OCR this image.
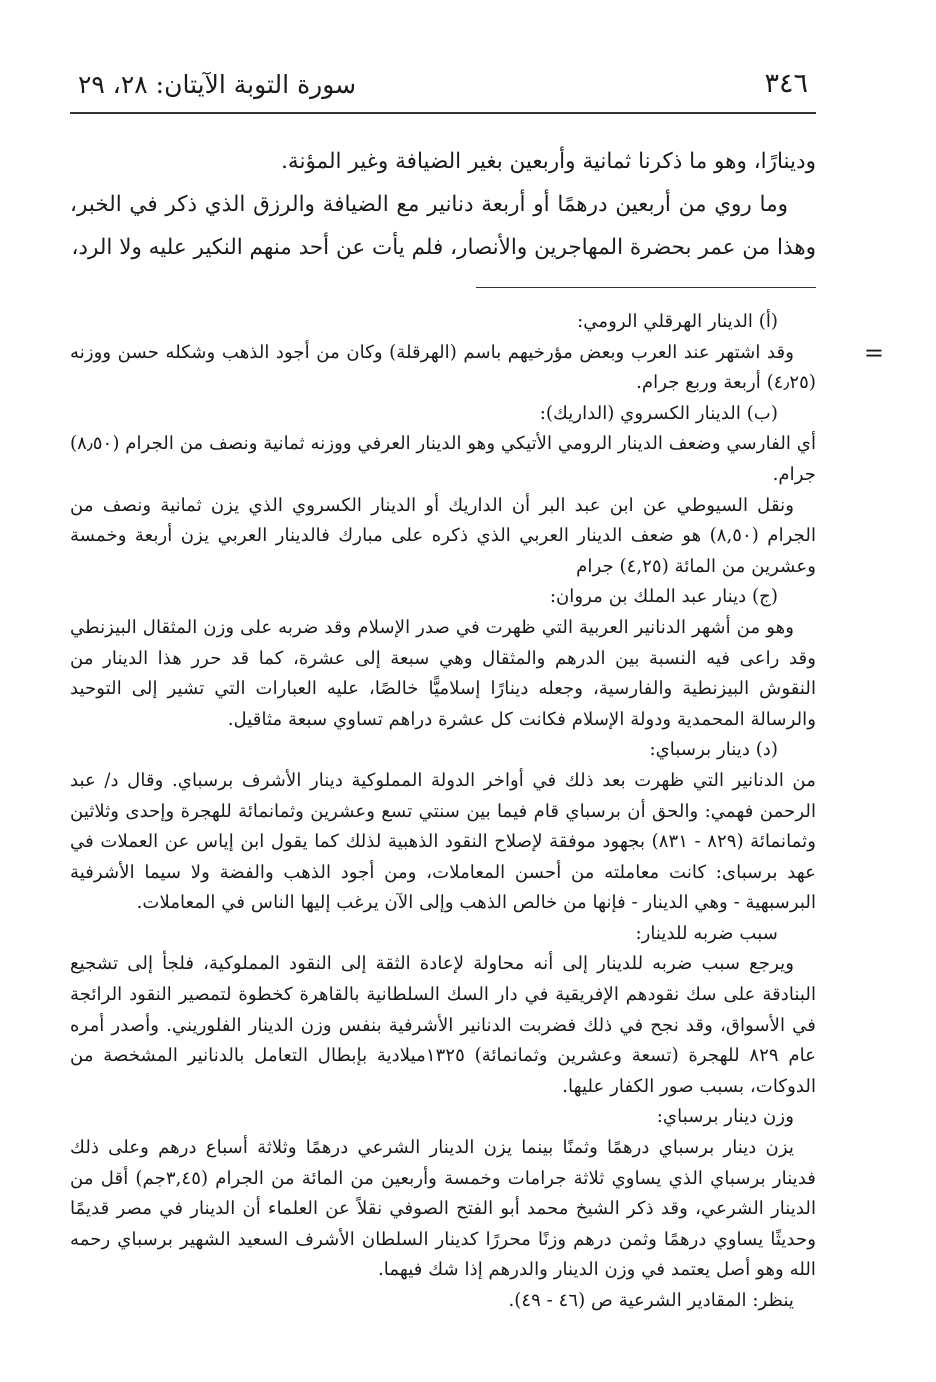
٣٤٦
سورة التوبة الآيتان: ٢٨، ٢٩

ودينارًا، وهو ما ذكرنا ثمانية وأربعين بغير الضيافة وغير المؤنة.

وما روي من أربعين درهمًا أو أربعة دنانير مع الضيافة والرزق الذي ذكر في الخبر، وهذا من عمر بحضرة المهاجرين والأنصار، فلم يأت عن أحد منهم النكير عليه ولا الرد،

=

(أ) الدينار الهرقلي الرومي:

وقد اشتهر عند العرب وبعض مؤرخيهم باسم (الهرقلة) وكان من أجود الذهب وشكله حسن ووزنه (٤٫٢٥) أربعة وربع جرام.

(ب) الدينار الكسروي (الداريك):

أي الفارسي وضعف الدينار الرومي الأتيكي وهو الدينار العرفي ووزنه ثمانية ونصف من الجرام (٨٫٥٠) جرام.

ونقل السيوطي عن ابن عبد البر أن الداريك أو الدينار الكسروي الذي يزن ثمانية ونصف من الجرام (٨,٥٠) هو ضعف الدينار العربي الذي ذكره على مبارك فالدينار العربي يزن أربعة وخمسة وعشرين من المائة (٤,٢٥) جرام

(ج) دينار عبد الملك بن مروان:

وهو من أشهر الدنانير العربية التي ظهرت في صدر الإسلام وقد ضربه على وزن المثقال البيزنطي وقد راعى فيه النسبة بين الدرهم والمثقال وهي سبعة إلى عشرة، كما قد حرر هذا الدينار من النقوش البيزنطية والفارسية، وجعله دينارًا إسلاميًّا خالصًا، عليه العبارات التي تشير إلى التوحيد والرسالة المحمدية ودولة الإسلام فكانت كل عشرة دراهم تساوي سبعة مثاقيل.

(د) دينار برسباي:

من الدنانير التي ظهرت بعد ذلك في أواخر الدولة المملوكية دينار الأشرف برسباي. وقال د/ عبد الرحمن فهمي: والحق أن برسباي قام فيما بين سنتي تسع وعشرين وثمانمائة للهجرة وإحدى وثلاثين وثمانمائة (٨٢٩ - ٨٣١) بجهود موفقة لإصلاح النقود الذهبية لذلك كما يقول ابن إياس عن العملات في عهد برسباى: كانت معاملته من أحسن المعاملات، ومن أجود الذهب والفضة ولا سيما الأشرفية البرسبهية - وهي الدينار - فإنها من خالص الذهب وإلى الآن يرغب إليها الناس في المعاملات.

سبب ضربه للدينار:

ويرجع سبب ضربه للدينار إلى أنه محاولة لإعادة الثقة إلى النقود المملوكية، فلجأ إلى تشجيع البنادقة على سك نقودهم الإفريقية في دار السك السلطانية بالقاهرة كخطوة لتمصير النقود الرائجة في الأسواق، وقد نجح في ذلك فضربت الدنانير الأشرفية بنفس وزن الدينار الفلوريني. وأصدر أمره عام ٨٢٩ للهجرة (تسعة وعشرين وثمانمائة) ١٣٢٥ميلادية بإبطال التعامل بالدنانير المشخصة من الدوكات، بسبب صور الكفار عليها.

وزن دينار برسباي:

يزن دينار برسباي درهمًا وثمنًا بينما يزن الدينار الشرعي درهمًا وثلاثة أسباع درهم وعلى ذلك فدينار برسباي الذي يساوي ثلاثة جرامات وخمسة وأربعين من المائة من الجرام (٣,٤٥جم) أقل من الدينار الشرعي، وقد ذكر الشيخ محمد أبو الفتح الصوفي نقلاً عن العلماء أن الدينار في مصر قديمًا وحديثًا يساوي درهمًا وثمن درهم وزنًا محررًا كدينار السلطان الأشرف السعيد الشهير برسباي رحمه الله وهو أصل يعتمد في وزن الدينار والدرهم إذا شك فيهما.

ينظر: المقادير الشرعية ص (٤٦ - ٤٩).
